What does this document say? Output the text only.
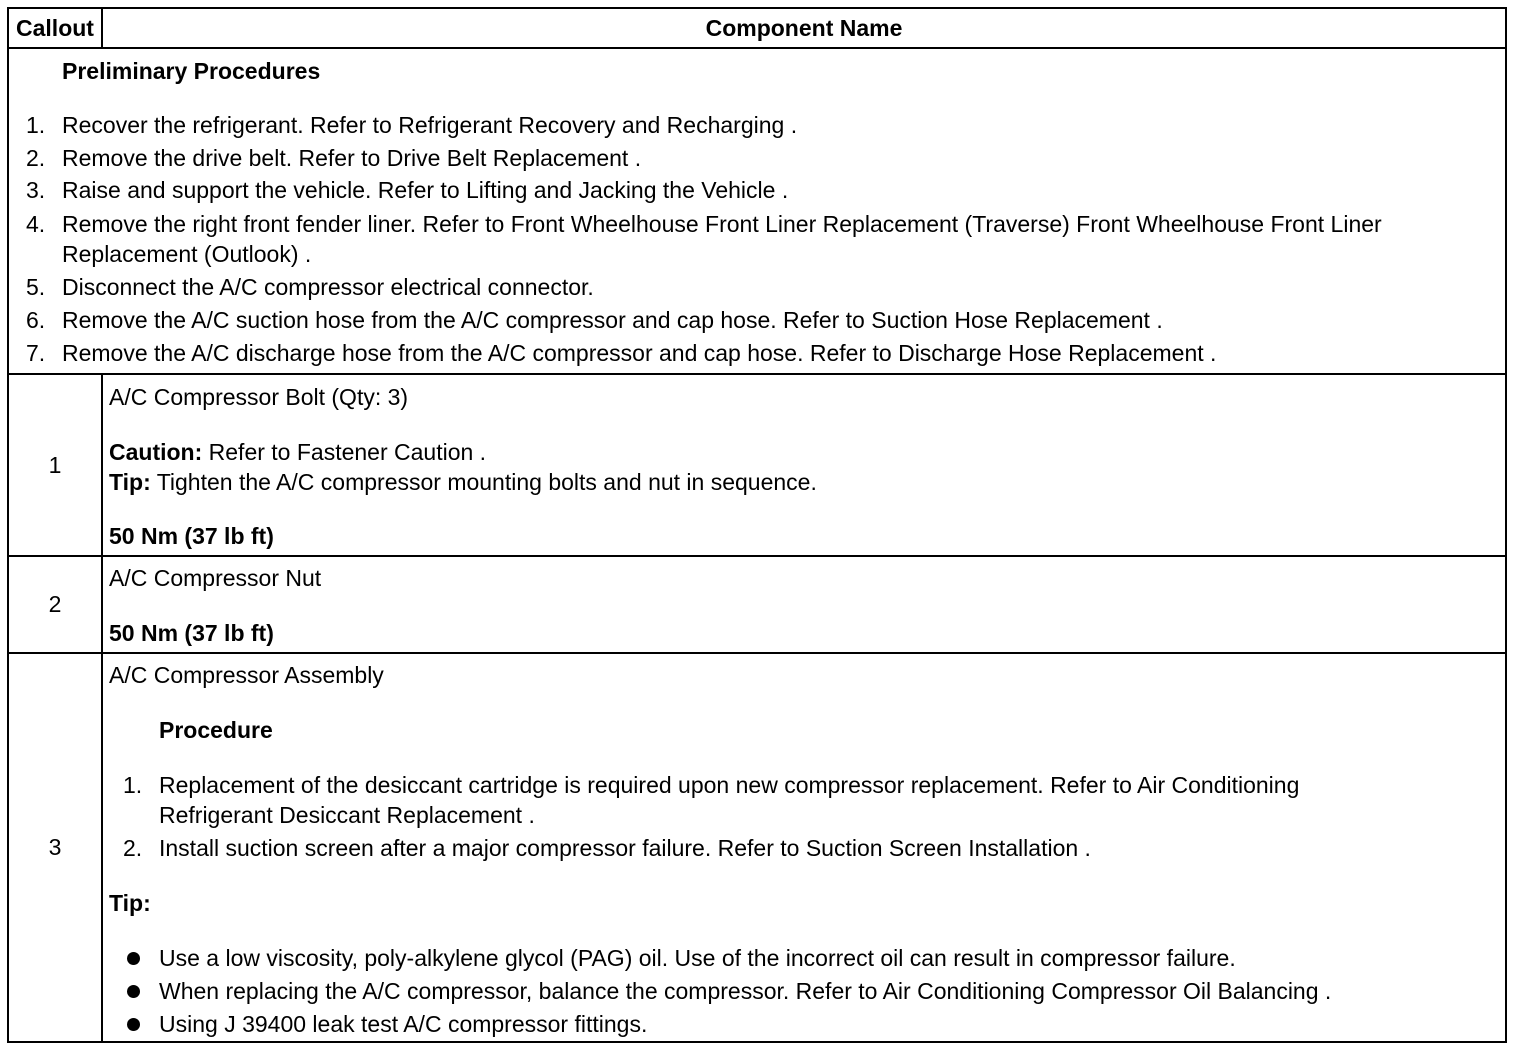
Callout	Component Name
Preliminary Procedures
1. Recover the refrigerant. Refer to Refrigerant Recovery and Recharging .
2. Remove the drive belt. Refer to Drive Belt Replacement .
3. Raise and support the vehicle. Refer to Lifting and Jacking the Vehicle .
4. Remove the right front fender liner. Refer to Front Wheelhouse Front Liner Replacement (Traverse) Front Wheelhouse Front Liner
Replacement (Outlook) .
5. Disconnect the A/C compressor electrical connector.
6. Remove the A/C suction hose from the A/C compressor and cap hose. Refer to Suction Hose Replacement .
7. Remove the A/C discharge hose from the A/C compressor and cap hose. Refer to Discharge Hose Replacement .
1
A/C Compressor Bolt (Qty: 3)
Caution: Refer to Fastener Caution .
Tip: Tighten the A/C compressor mounting bolts and nut in sequence.
50 Nm (37 lb ft)
2
A/C Compressor Nut
50 Nm (37 lb ft)
3
A/C Compressor Assembly
Procedure
1. Replacement of the desiccant cartridge is required upon new compressor replacement. Refer to Air Conditioning
Refrigerant Desiccant Replacement .
2. Install suction screen after a major compressor failure. Refer to Suction Screen Installation .
Tip:
Use a low viscosity, poly-alkylene glycol (PAG) oil. Use of the incorrect oil can result in compressor failure.
When replacing the A/C compressor, balance the compressor. Refer to Air Conditioning Compressor Oil Balancing .
Using J 39400 leak test A/C compressor fittings.
